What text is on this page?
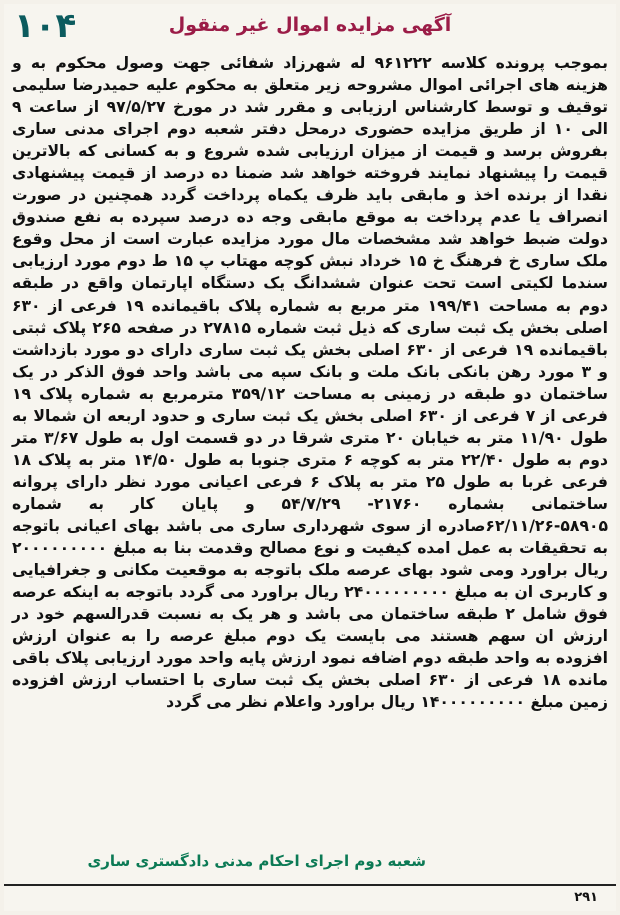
۱۰۴	آگهی مزایده اموال غیر منقول

بموجب پرونده کلاسه ۹۶۱۲۲۲ له شهرزاد شفائی جهت وصول محکوم به و هزینه های اجرائی اموال مشروحه زیر متعلق به محکوم علیه حمیدرضا سلیمی توقیف و توسط کارشناس ارزیابی و مقرر شد در مورخ ۹۷/۵/۲۷ از ساعت ۹ الی ۱۰ از طریق مزایده حضوری درمحل دفتر شعبه دوم اجرای مدنی ساری بفروش برسد و قیمت از میزان ارزیابی شده شروع و به کسانی که بالاترین قیمت را پیشنهاد نمایند فروخته خواهد شد ضمنا ده درصد از قیمت پیشنهادی نقدا از برنده اخذ و مابقی باید ظرف یکماه پرداخت گردد همچنین در صورت انصراف یا عدم پرداخت به موقع مابقی وجه ده درصد سپرده به نفع صندوق دولت ضبط خواهد شد مشخصات مال مورد مزایده عبارت است از محل وقوع ملک ساری خ فرهنگ خ ۱۵ خرداد نبش کوچه مهتاب پ ۱۵ ط دوم مورد ارزیابی سندما لکیتی است تحت عنوان ششدانگ یک دستگاه اپارتمان واقع در طبقه دوم به مساحت ۱۹۹/۴۱ متر مربع به شماره پلاک باقیمانده ۱۹ فرعی از ۶۳۰ اصلی بخش یک ثبت ساری که ذیل ثبت شماره ۲۷۸۱۵ در صفحه ۲۶۵ پلاک ثبتی باقیمانده ۱۹ فرعی از ۶۳۰ اصلی بخش یک ثبت ساری دارای دو مورد بازداشت و ۳ مورد رهن بانکی بانک ملت و بانک سپه می باشد واحد فوق الذکر در یک ساختمان دو طبقه در زمینی به مساحت ۳۵۹/۱۲ مترمربع به شماره پلاک ۱۹ فرعی از ۷ فرعی از ۶۳۰ اصلی بخش یک ثبت ساری و حدود اربعه ان شمالا به طول ۱۱/۹۰ متر به خیابان ۲۰ متری شرقا در دو قسمت اول به طول ۳/۶۷ متر دوم به طول ۲۲/۴۰ متر به کوچه ۶ متری جنوبا به طول ۱۴/۵۰ متر به پلاک ۱۸ فرعی غربا به طول ۲۵ متر به پلاک ۶ فرعی اعیانی مورد نظر دارای پروانه ساختمانی بشماره ۲۱۷۶۰- ۵۴/۷/۲۹ و پایان کار به شماره ۵۸۹۰۵-۶۲/۱۱/۲۶صادره از سوی شهرداری ساری می باشد بهای اعیانی باتوجه به تحقیقات به عمل امده کیفیت و نوع مصالح وقدمت بنا به مبلغ ۲۰۰۰۰۰۰۰۰۰ ریال براورد ومی شود بهای عرصه ملک باتوجه به موقعیت مکانی و جغرافیایی و کاربری ان به مبلغ ۲۴۰۰۰۰۰۰۰۰۰ ریال براورد می گردد باتوجه به اینکه عرصه فوق شامل ۲ طبقه ساختمان می باشد و هر یک به نسبت قدرالسهم خود در ارزش ان سهم هستند می بایست یک دوم مبلغ عرصه را به عنوان ارزش افزوده به واحد طبقه دوم اضافه نمود ارزش پایه واحد مورد ارزیابی پلاک باقی مانده ۱۸ فرعی از ۶۳۰ اصلی بخش یک ثبت ساری با احتساب ارزش افزوده زمین مبلغ ۱۴۰۰۰۰۰۰۰۰۰ ریال براورد واعلام نظر می گردد

شعبه دوم اجرای احکام مدنی دادگستری ساری
۲۹۱
